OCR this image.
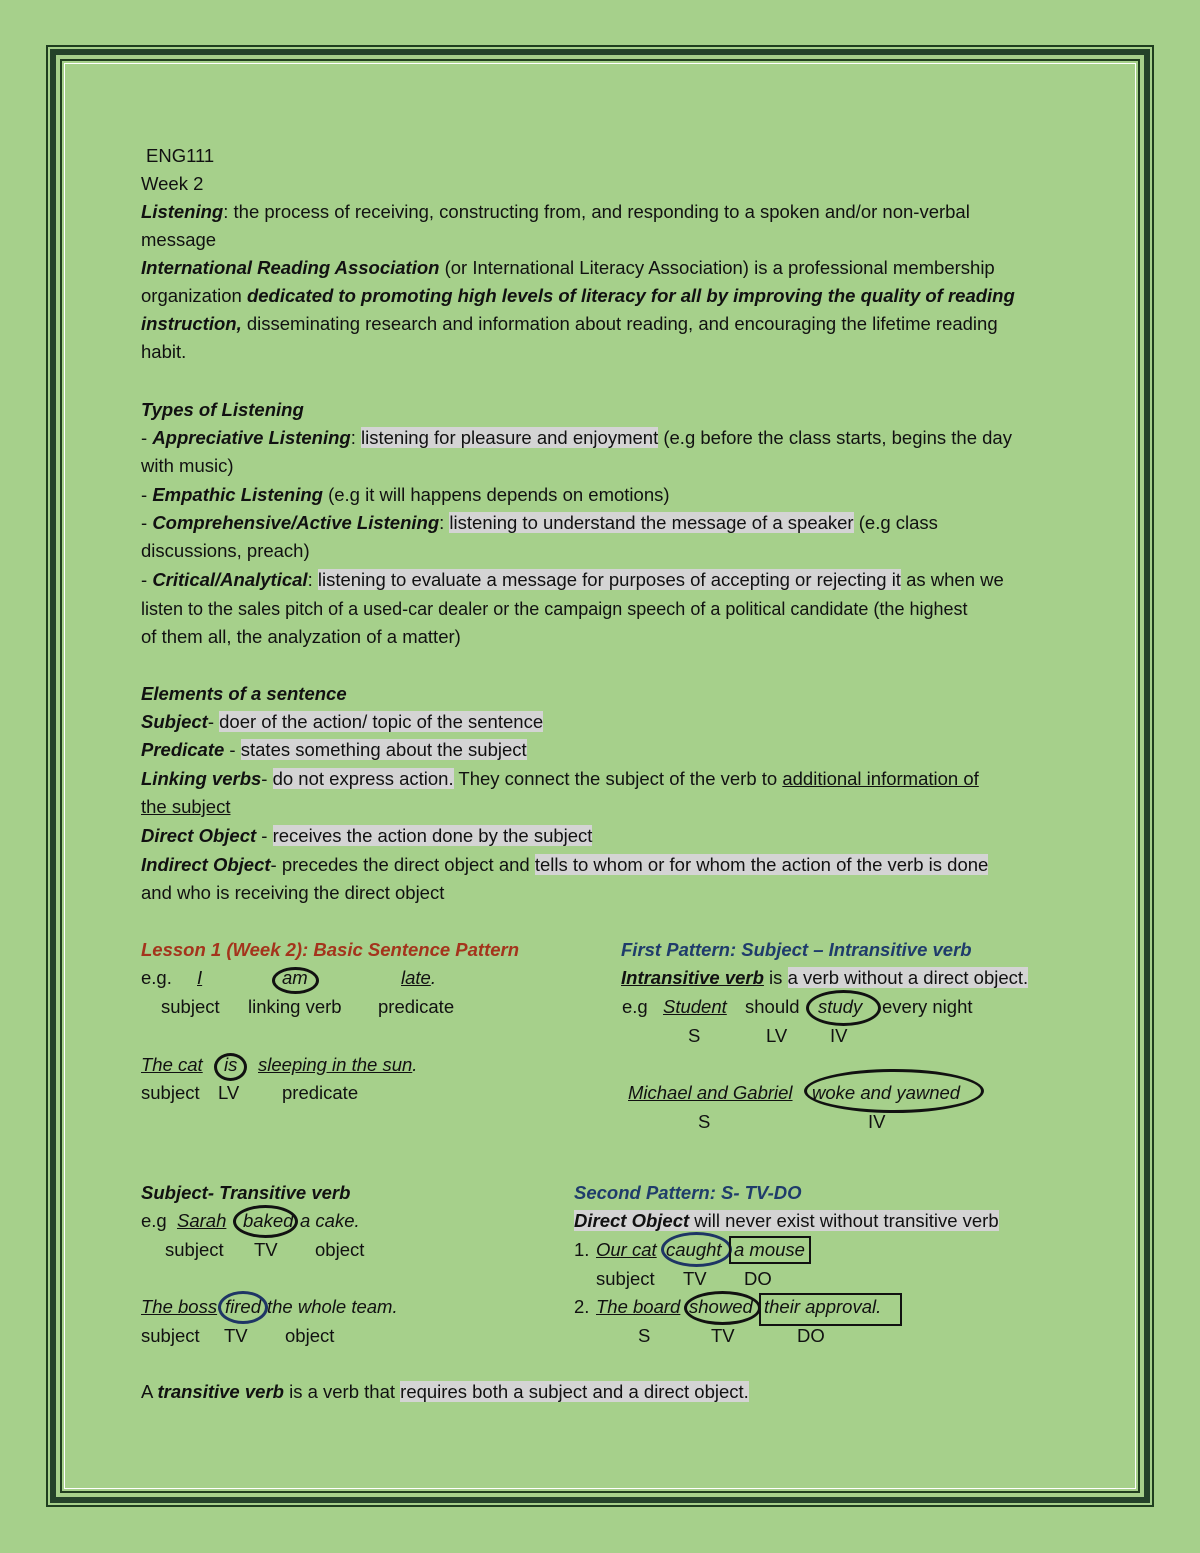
ENG111
Week 2
Listening: the process of receiving, constructing from, and responding to a spoken and/or non-verbal
message
International Reading Association (or International Literacy Association) is a professional membership
organization dedicated to promoting high levels of literacy for all by improving the quality of reading
instruction, disseminating research and information about reading, and encouraging the lifetime reading
habit.
Types of Listening
- Appreciative Listening: listening for pleasure and enjoyment (e.g before the class starts, begins the day
with music)
- Empathic Listening (e.g it will happens depends on emotions)
- Comprehensive/Active Listening: listening to understand the message of a speaker (e.g class
discussions, preach)
- Critical/Analytical: listening to evaluate a message for purposes of accepting or rejecting it as when we
listen to the sales pitch of a used-car dealer or the campaign speech of a political candidate (the highest
of them all, the analyzation of a matter)
Elements of a sentence
Subject- doer of the action/ topic of the sentence
Predicate - states something about the subject
Linking verbs- do not express action. They connect the subject of the verb to additional information of
the subject
Direct Object - receives the action done by the subject
Indirect Object- precedes the direct object and tells to whom or for whom the action of the verb is done
and who is receiving the direct object
Lesson 1 (Week 2): Basic Sentence Pattern
e.g. I	am	late.
subject linking verb predicate
The cat is sleeping in the sun.
subject LV predicate
First Pattern: Subject – Intransitive verb
Intransitive verb is a verb without a direct object.
e.g Student should study every night
S	LV IV
Michael and Gabriel woke and yawned
S	IV
Subject- Transitive verb
e.g Sarah baked a cake.
subject TV object
The boss fired the whole team.
subject TV object
Second Pattern: S- TV-DO
Direct Object will never exist without transitive verb
1. Our cat caught a mouse
subject TV DO
2. The board showed their approval.
S	TV	DO
A transitive verb is a verb that requires both a subject and a direct object.
